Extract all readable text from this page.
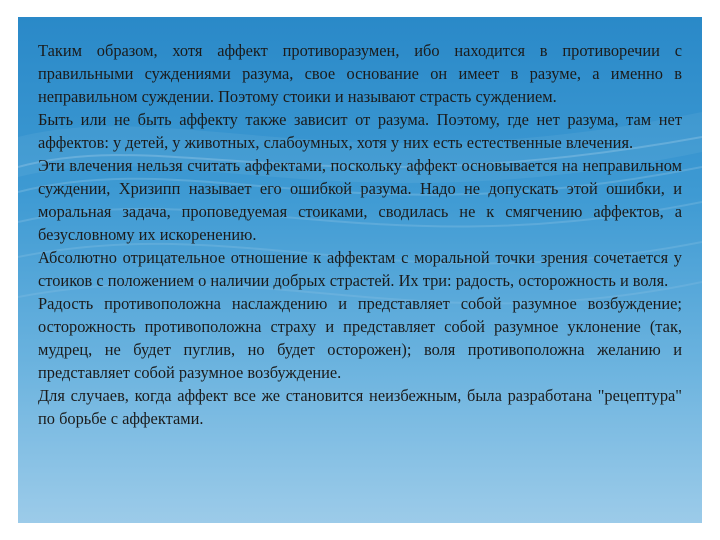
Таким образом, хотя аффект противоразумен, ибо находится в противоречии с правильными суждениями разума, свое основание он имеет в разуме, а именно в неправильном суждении. Поэтому стоики и называют страсть суждением.

Быть или не быть аффекту также зависит от разума. Поэтому, где нет разума, там нет аффектов: у детей, у животных, слабоумных, хотя у них есть естественные влечения.

Эти влечения нельзя считать аффектами, поскольку аффект основывается на неправильном суждении, Хризипп называет его ошибкой разума. Надо не допускать этой ошибки, и моральная задача, проповедуемая стоиками, сводилась не к смягчению аффектов, а безусловному их искоренению.

Абсолютно отрицательное отношение к аффектам с моральной точки зрения сочетается у стоиков с положением о наличии добрых страстей. Их три: радость, осторожность и воля.

Радость противоположна наслаждению и представляет собой разумное возбуждение; осторожность противоположна страху и представляет собой разумное уклонение (так, мудрец, не будет пуглив, но будет осторожен); воля противоположна желанию и представляет собой разумное возбуждение.

Для случаев, когда аффект все же становится неизбежным, была разработана "рецептура" по борьбе с аффектами.
